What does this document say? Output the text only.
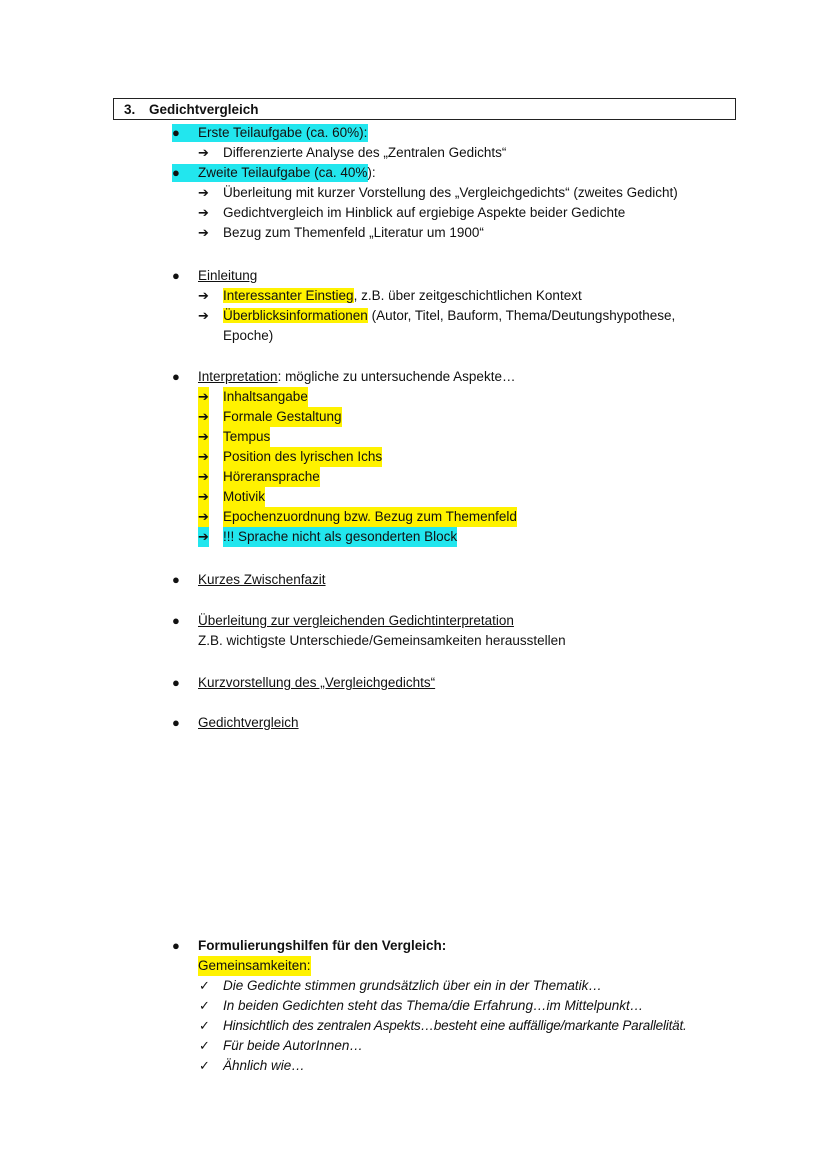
3. Gedichtvergleich
● Erste Teilaufgabe (ca. 60%):
➔ Differenzierte Analyse des „Zentralen Gedichts“
● Zweite Teilaufgabe (ca. 40%):
➔ Überleitung mit kurzer Vorstellung des „Vergleichgedichts“ (zweites Gedicht)
➔ Gedichtvergleich im Hinblick auf ergiebige Aspekte beider Gedichte
➔ Bezug zum Themenfeld „Literatur um 1900“
● Einleitung
➔ Interessanter Einstieg, z.B. über zeitgeschichtlichen Kontext
➔ Überblicksinformationen (Autor, Titel, Bauform, Thema/Deutungshypothese,
Epoche)
● Interpretation: mögliche zu untersuchende Aspekte…
➔ Inhaltsangabe
➔ Formale Gestaltung
➔ Tempus
➔ Position des lyrischen Ichs
➔ Höreransprache
➔ Motivik
➔ Epochenzuordnung bzw. Bezug zum Themenfeld
➔ !!! Sprache nicht als gesonderten Block
● Kurzes Zwischenfazit
● Überleitung zur vergleichenden Gedichtinterpretation
Z.B. wichtigste Unterschiede/Gemeinsamkeiten herausstellen
● Kurzvorstellung des „Vergleichgedichts“
● Gedichtvergleich
● Formulierungshilfen für den Vergleich:
Gemeinsamkeiten:
✓ Die Gedichte stimmen grundsätzlich über ein in der Thematik…
✓ In beiden Gedichten steht das Thema/die Erfahrung…im Mittelpunkt…
✓ Hinsichtlich des zentralen Aspekts…besteht eine auffällige/markante Parallelität.
✓ Für beide AutorInnen…
✓ Ähnlich wie…
